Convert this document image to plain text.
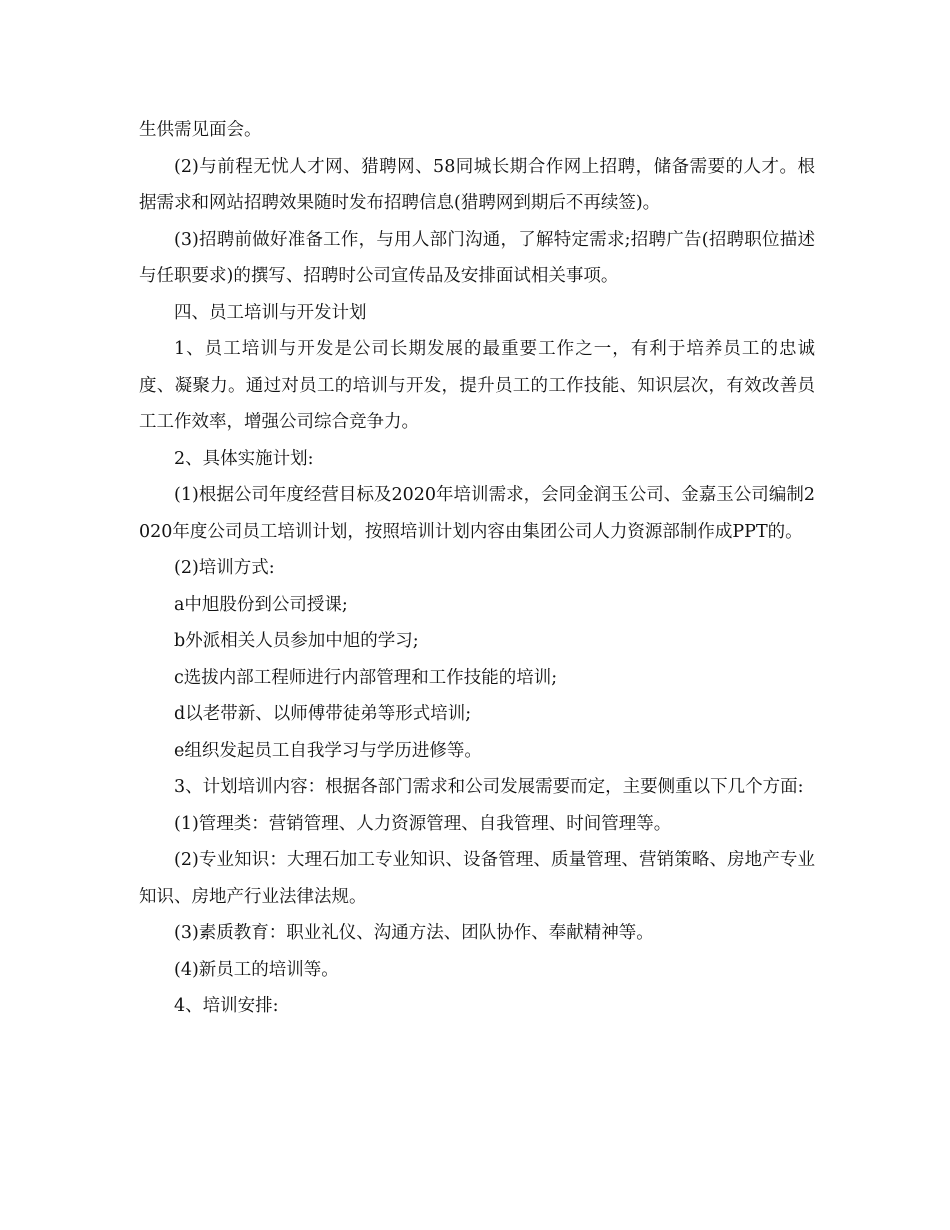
生供需见面会。

(2)与前程无忧人才网、猎聘网、58同城长期合作网上招聘，储备需要的人才。根据需求和网站招聘效果随时发布招聘信息(猎聘网到期后不再续签)。

(3)招聘前做好准备工作，与用人部门沟通，了解特定需求;招聘广告(招聘职位描述与任职要求)的撰写、招聘时公司宣传品及安排面试相关事项。

四、员工培训与开发计划

1、员工培训与开发是公司长期发展的最重要工作之一，有利于培养员工的忠诚度、凝聚力。通过对员工的培训与开发，提升员工的工作技能、知识层次，有效改善员工工作效率，增强公司综合竞争力。

2、具体实施计划:

(1)根据公司年度经营目标及2020年培训需求，会同金润玉公司、金嘉玉公司编制2020年度公司员工培训计划，按照培训计划内容由集团公司人力资源部制作成PPT的。

(2)培训方式:

a中旭股份到公司授课;

b外派相关人员参加中旭的学习;

c选拔内部工程师进行内部管理和工作技能的培训;

d以老带新、以师傅带徒弟等形式培训;

e组织发起员工自我学习与学历进修等。

3、计划培训内容：根据各部门需求和公司发展需要而定，主要侧重以下几个方面:

(1)管理类：营销管理、人力资源管理、自我管理、时间管理等。

(2)专业知识：大理石加工专业知识、设备管理、质量管理、营销策略、房地产专业知识、房地产行业法律法规。

(3)素质教育：职业礼仪、沟通方法、团队协作、奉献精神等。

(4)新员工的培训等。

4、培训安排:
